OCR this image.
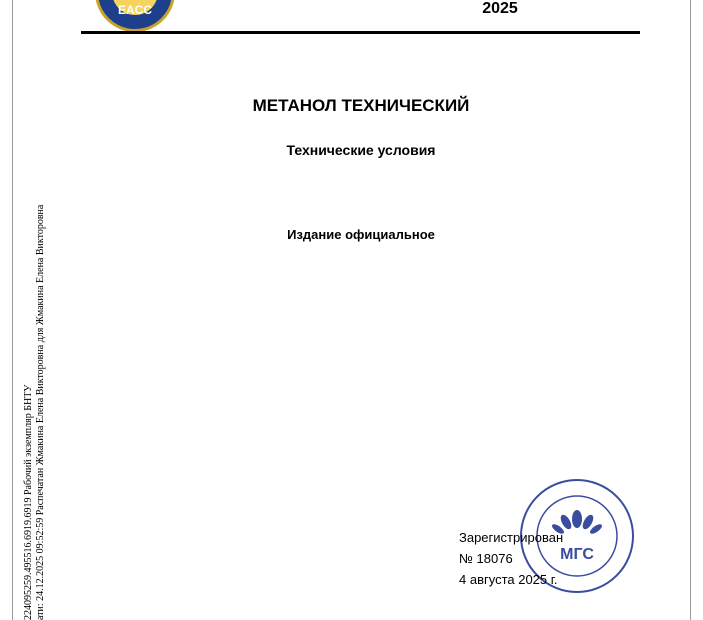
EACC	2025
МЕТАНОЛ ТЕХНИЧЕСКИЙ
Технические условия
Издание официальное
224095259.495516.6919.6919 Рабочий экземпляр БНТУ ати: 24.12.2025 09:52:59 Распечатан Жмакина Елена Викторовна для Жмакина Елена Викторовна	МГС
Зарегистрирован
№ 18076
4 августа 2025 г.
